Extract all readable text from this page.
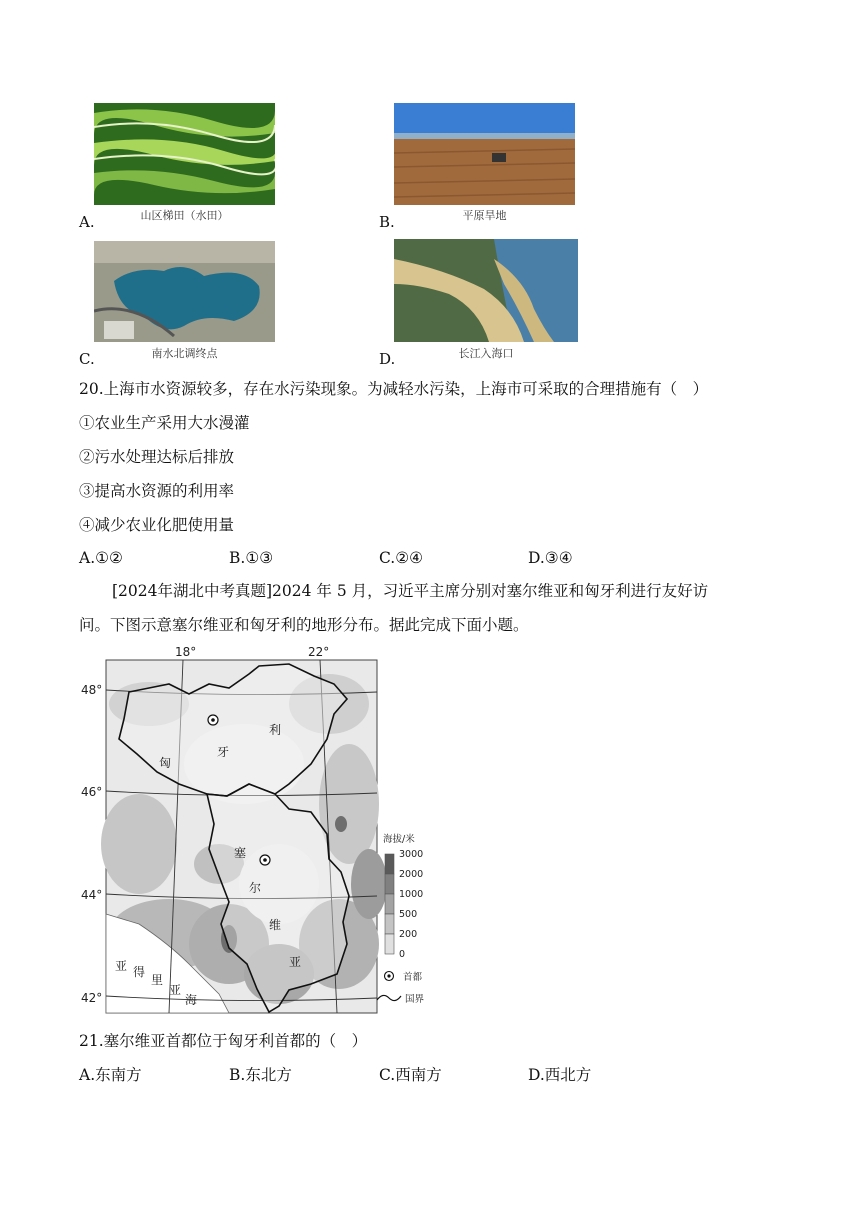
A.	山区梯田（水田）	B.	平原旱地
C.	南水北调终点	D.	长江入海口
20.上海市水资源较多，存在水污染现象。为减轻水污染，上海市可采取的合理措施有（　）
①农业生产采用大水漫灌
②污水处理达标后排放
③提高水资源的利用率
④减少农业化肥使用量
A.①②	B.①③	C.②④	D.③④
[2024年湖北中考真题]2024 年 5 月，习近平主席分别对塞尔维亚和匈牙利进行友好访
问。下图示意塞尔维亚和匈牙利的地形分布。据此完成下面小题。
18°	22°
48°
46°
44°
42°
匈
牙
利
塞
尔
维
亚
亚 得
里
亚
海
海拔/米
3000
2000
1000
500
200
0
首都
国界
21.塞尔维亚首都位于匈牙利首都的（　）
A.东南方	B.东北方	C.西南方	D.西北方
